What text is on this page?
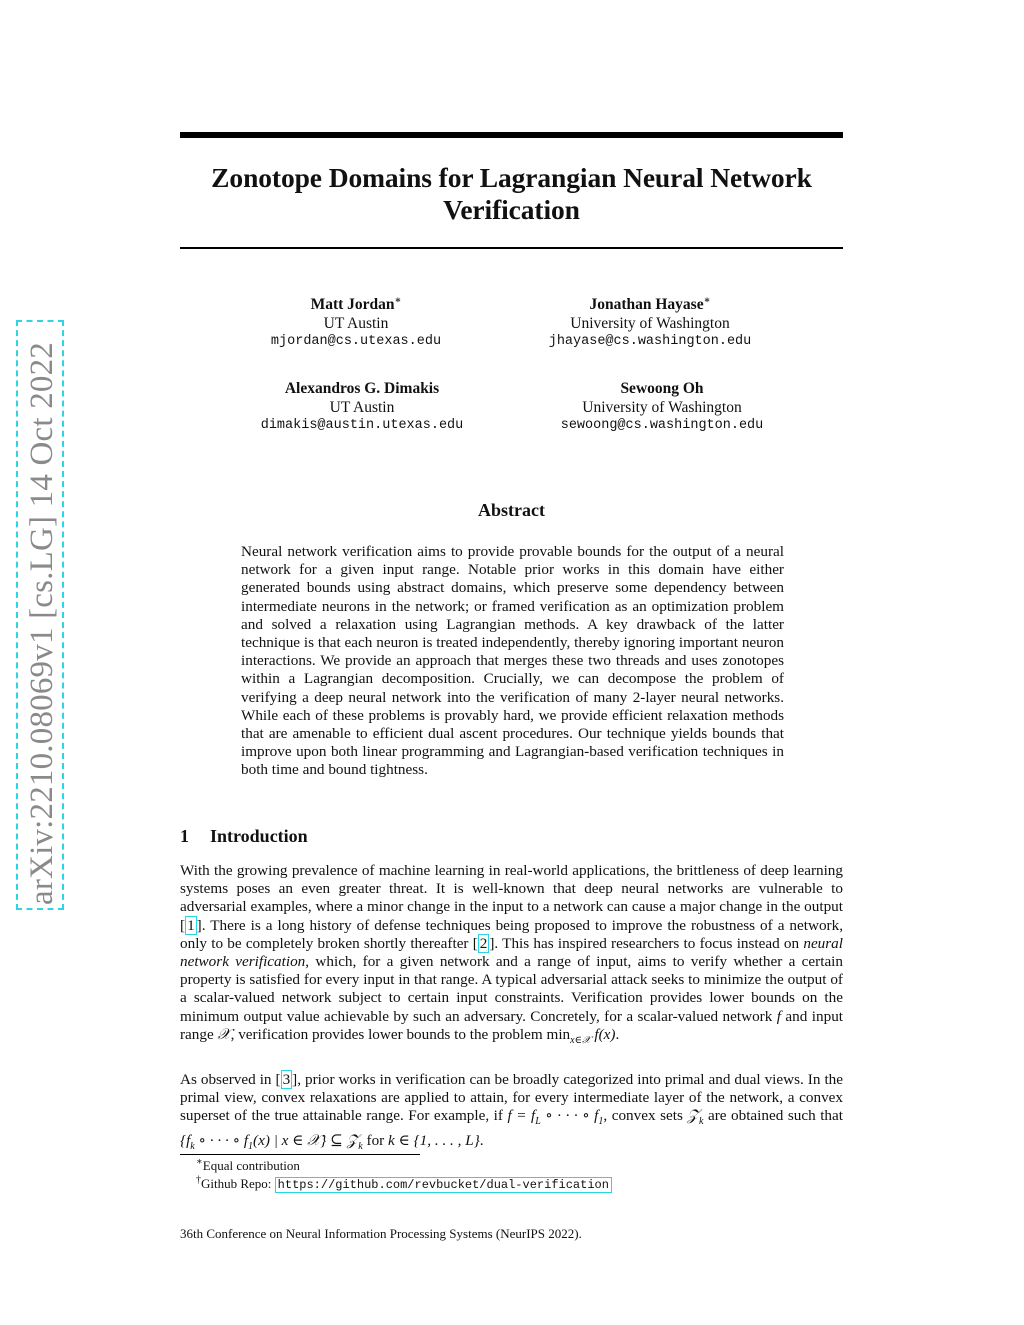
arXiv:2210.08069v1 [cs.LG] 14 Oct 2022
Zonotope Domains for Lagrangian Neural Network
Verification
Matt Jordan∗
UT Austin
mjordan@cs.utexas.edu
Jonathan Hayase∗
University of Washington
jhayase@cs.washington.edu
Alexandros G. Dimakis
UT Austin
dimakis@austin.utexas.edu
Sewoong Oh
University of Washington
sewoong@cs.washington.edu
Abstract
Neural network verification aims to provide provable bounds for the output of a neural network for a given input range. Notable prior works in this domain have either generated bounds using abstract domains, which preserve some dependency between intermediate neurons in the network; or framed verification as an optimization problem and solved a relaxation using Lagrangian methods. A key drawback of the latter technique is that each neuron is treated independently, thereby ignoring important neuron interactions. We provide an approach that merges these two threads and uses zonotopes within a Lagrangian decomposition. Crucially, we can decompose the problem of verifying a deep neural network into the verification of many 2-layer neural networks. While each of these problems is provably hard, we provide efficient relaxation methods that are amenable to efficient dual ascent procedures. Our technique yields bounds that improve upon both linear programming and Lagrangian-based verification techniques in both time and bound tightness.
1 Introduction
With the growing prevalence of machine learning in real-world applications, the brittleness of deep learning systems poses an even greater threat. It is well-known that deep neural networks are vulnerable to adversarial examples, where a minor change in the input to a network can cause a major change in the output [ 1 ]. There is a long history of defense techniques being proposed to improve the robustness of a network, only to be completely broken shortly thereafter [ 2 ]. This has inspired researchers to focus instead on neural network verification, which, for a given network and a range of input, aims to verify whether a certain property is satisfied for every input in that range. A typical adversarial attack seeks to minimize the output of a scalar-valued network subject to certain input constraints. Verification provides lower bounds on the minimum output value achievable by such an adversary. Concretely, for a scalar-valued network f and input range 𝒳, verification provides lower bounds to the problem $\min_{x\in 𝒳} f(x)$.
As observed in [ 3 ], prior works in verification can be broadly categorized into primal and dual views. In the primal view, convex relaxations are applied to attain, for every intermediate layer of the network, a convex superset of the true attainable range. For example, if $f = f_L$ ∘ · · · ∘ $f_1$, convex sets 𝒵$_k$ are obtained such that {$f_k$ ∘ · · · ∘ $f_1(x)$ | x ∈ 𝒳} ⊆ 𝒵$_k$ for k ∈ {1, . . . , L}.
∗Equal contribution
†Github Repo: https://github.com/revbucket/dual-verification
36th Conference on Neural Information Processing Systems (NeurIPS 2022).
